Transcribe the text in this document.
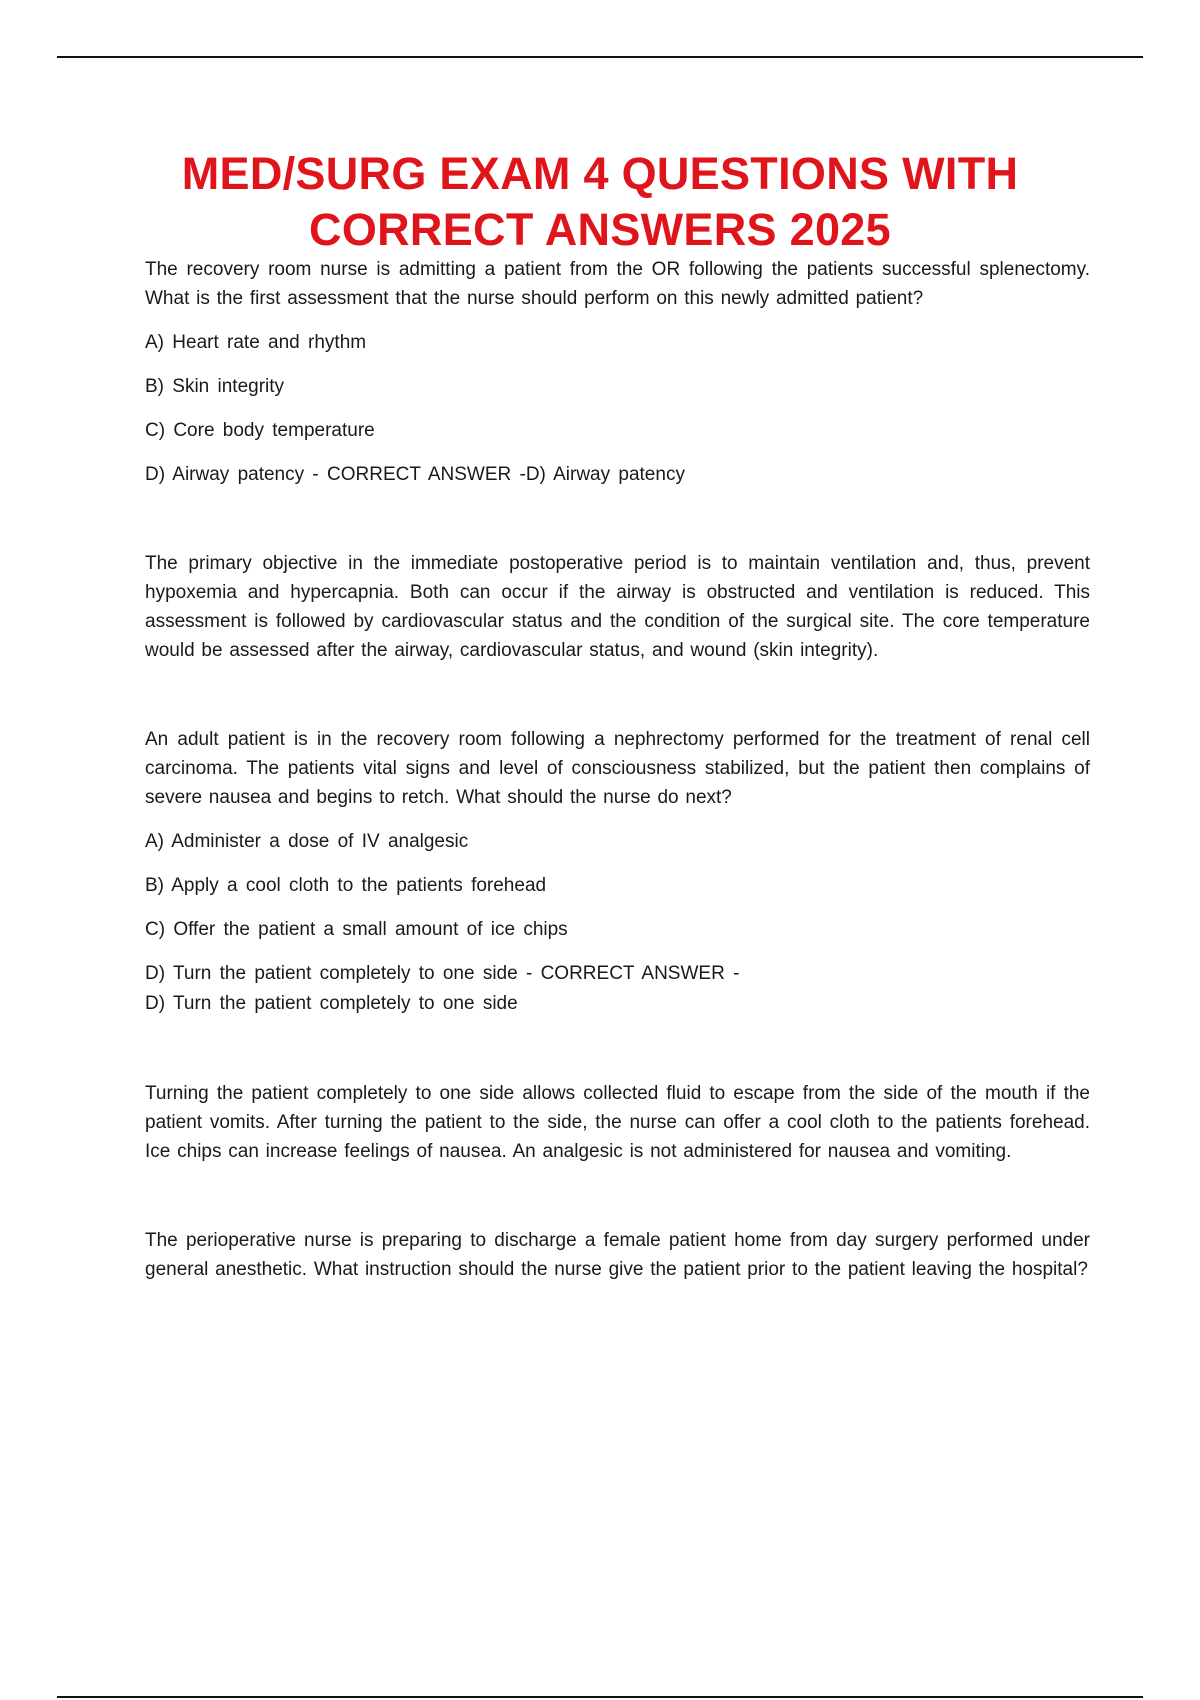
MED/SURG EXAM 4 QUESTIONS WITH
CORRECT ANSWERS 2025

The recovery room nurse is admitting a patient from the OR following the patients successful splenectomy. What is the first assessment that the nurse should perform on this newly admitted patient?

A) Heart rate and rhythm

B) Skin integrity

C) Core body temperature

D) Airway patency - CORRECT ANSWER -D) Airway patency

The primary objective in the immediate postoperative period is to maintain ventilation and, thus, prevent hypoxemia and hypercapnia. Both can occur if the airway is obstructed and ventilation is reduced. This assessment is followed by cardiovascular status and the condition of the surgical site. The core temperature would be assessed after the airway, cardiovascular status, and wound (skin integrity).

An adult patient is in the recovery room following a nephrectomy performed for the treatment of renal cell carcinoma. The patients vital signs and level of consciousness stabilized, but the patient then complains of severe nausea and begins to retch. What should the nurse do next?

A) Administer a dose of IV analgesic

B) Apply a cool cloth to the patients forehead

C) Offer the patient a small amount of ice chips

D) Turn the patient completely to one side - CORRECT ANSWER -

D) Turn the patient completely to one side

Turning the patient completely to one side allows collected fluid to escape from the side of the mouth if the patient vomits. After turning the patient to the side, the nurse can offer a cool cloth to the patients forehead. Ice chips can increase feelings of nausea. An analgesic is not administered for nausea and vomiting.

The perioperative nurse is preparing to discharge a female patient home from day surgery performed under general anesthetic. What instruction should the nurse give the patient prior to the patient leaving the hospital?
